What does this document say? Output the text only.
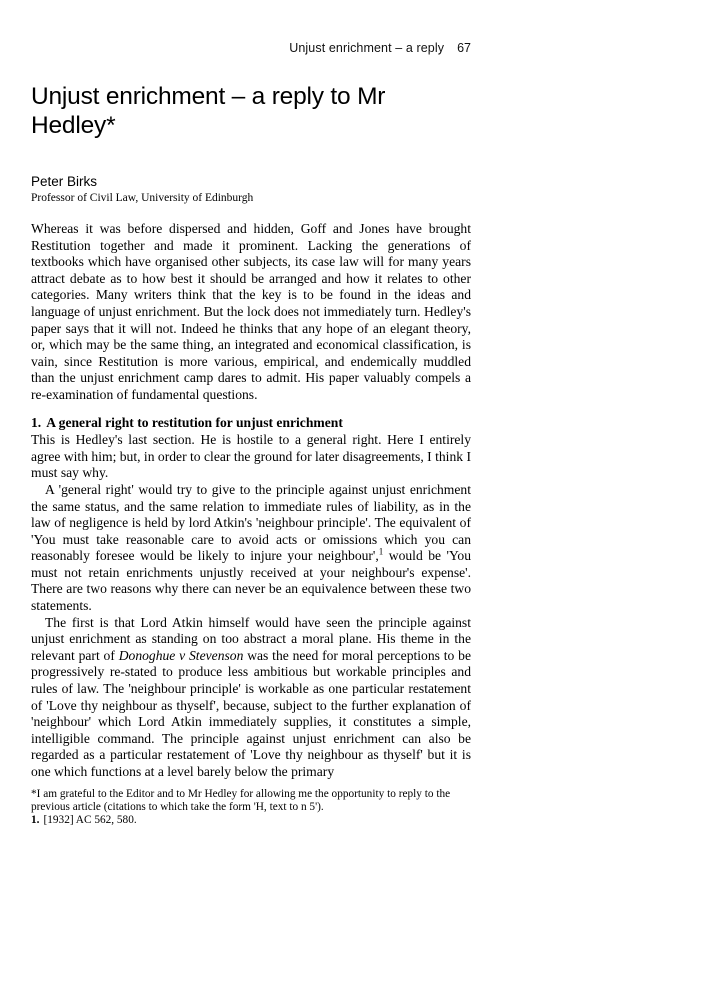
Unjust enrichment – a reply 67
Unjust enrichment – a reply to Mr Hedley*
Peter Birks
Professor of Civil Law, University of Edinburgh

Whereas it was before dispersed and hidden, Goff and Jones have brought Restitution together and made it prominent. Lacking the generations of textbooks which have organised other subjects, its case law will for many years attract debate as to how best it should be arranged and how it relates to other categories. Many writers think that the key is to be found in the ideas and language of unjust enrichment. But the lock does not immediately turn. Hedley's paper says that it will not. Indeed he thinks that any hope of an elegant theory, or, which may be the same thing, an integrated and economical classification, is vain, since Restitution is more various, empirical, and endemically muddled than the unjust enrichment camp dares to admit. His paper valuably compels a re-examination of fundamental questions.

1. A general right to restitution for unjust enrichment

This is Hedley's last section. He is hostile to a general right. Here I entirely agree with him; but, in order to clear the ground for later disagreements, I think I must say why.

A 'general right' would try to give to the principle against unjust enrichment the same status, and the same relation to immediate rules of liability, as in the law of negligence is held by lord Atkin's 'neighbour principle'. The equivalent of 'You must take reasonable care to avoid acts or omissions which you can reasonably foresee would be likely to injure your neighbour',$^1$ would be 'You must not retain enrichments unjustly received at your neighbour's expense'. There are two reasons why there can never be an equivalence between these two statements.

The first is that Lord Atkin himself would have seen the principle against unjust enrichment as standing on too abstract a moral plane. His theme in the relevant part of Donoghue v Stevenson was the need for moral perceptions to be progressively re-stated to produce less ambitious but workable principles and rules of law. The 'neighbour principle' is workable as one particular restatement of 'Love thy neighbour as thyself', because, subject to the further explanation of 'neighbour' which Lord Atkin immediately supplies, it constitutes a simple, intelligible command. The principle against unjust enrichment can also be regarded as a particular restatement of 'Love thy neighbour as thyself' but it is one which functions at a level barely below the primary

*I am grateful to the Editor and to Mr Hedley for allowing me the opportunity to reply to the previous article (citations to which take the form 'H, text to n 5').

1. [1932] AC 562, 580.
